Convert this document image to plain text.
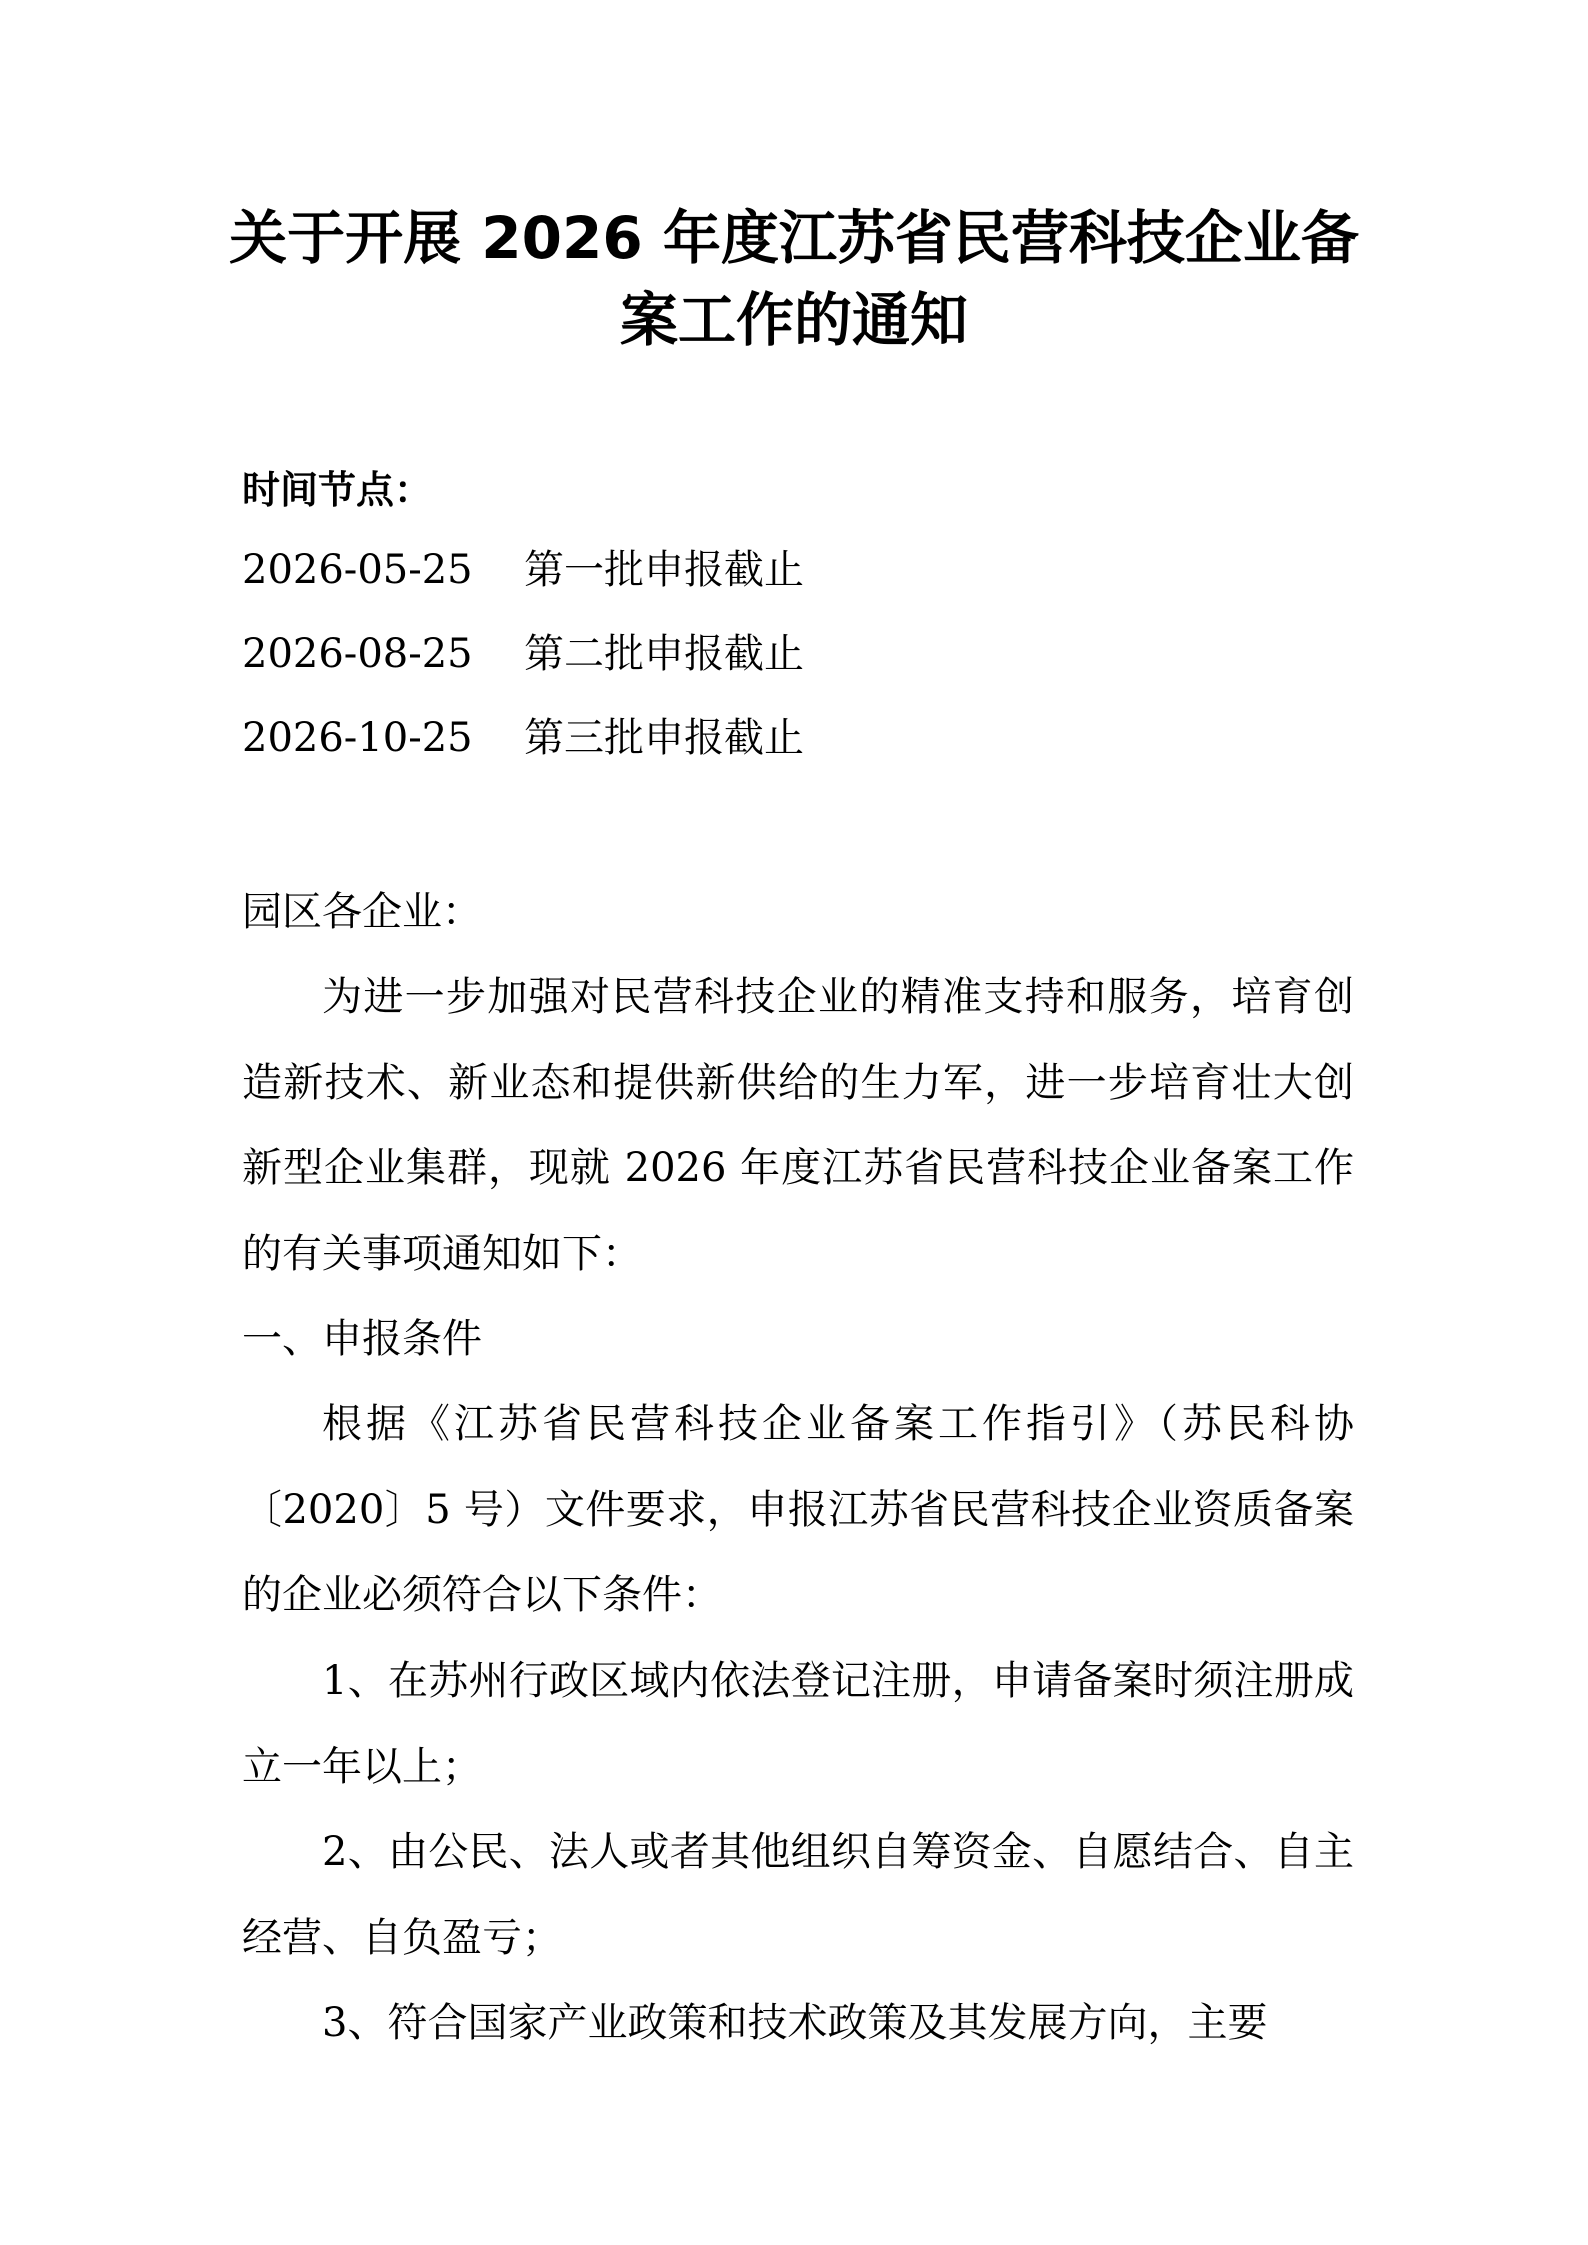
关于开展 2026 年度江苏省民营科技企业备
案工作的通知

时间节点：

2026-05-25 第一批申报截止

2026-08-25 第二批申报截止

2026-10-25 第三批申报截止

园区各企业：

为进一步加强对民营科技企业的精准支持和服务，培育创造新技术、新业态和提供新供给的生力军，进一步培育壮大创新型企业集群，现就 2026 年度江苏省民营科技企业备案工作的有关事项通知如下：

一、申报条件

根据《江苏省民营科技企业备案工作指引》（苏民科协〔2020〕5 号）文件要求，申报江苏省民营科技企业资质备案的企业必须符合以下条件：

1、在苏州行政区域内依法登记注册，申请备案时须注册成立一年以上；

2、由公民、法人或者其他组织自筹资金、自愿结合、自主经营、自负盈亏；

3、符合国家产业政策和技术政策及其发展方向，主要
